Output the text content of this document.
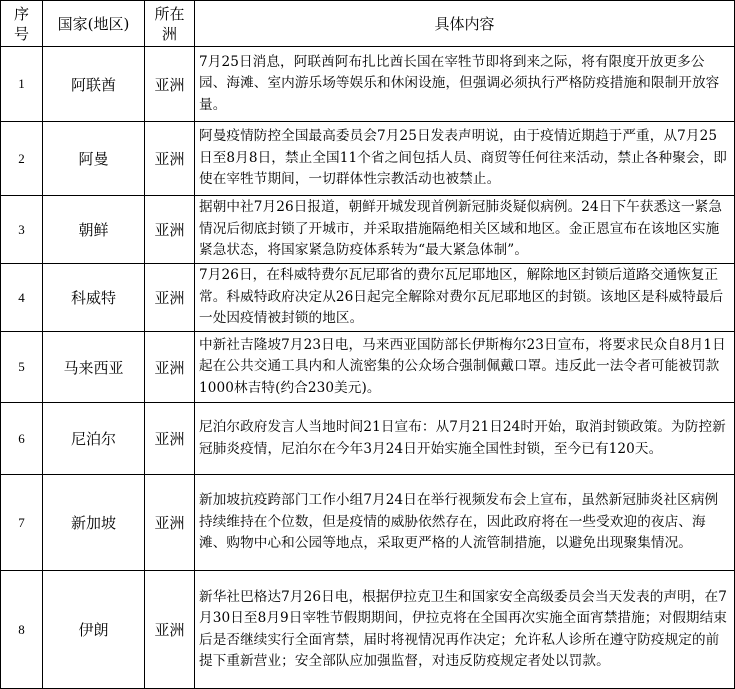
序号	国家(地区)	所在洲	具体内容
1	阿联酋	亚洲	7月25日消息，阿联酋阿布扎比酋长国在宰牲节即将到来之际，将有限度开放更多公园、海滩、室内游乐场等娱乐和休闲设施，但强调必须执行严格防疫措施和限制开放容量。
2	阿曼	亚洲	阿曼疫情防控全国最高委员会7月25日发表声明说，由于疫情近期趋于严重，从7月25日至8月8日，禁止全国11个省之间包括人员、商贸等任何往来活动，禁止各种聚会，即使在宰牲节期间，一切群体性宗教活动也被禁止。
3	朝鲜	亚洲	据朝中社7月26日报道，朝鲜开城发现首例新冠肺炎疑似病例。24日下午获悉这一紧急情况后彻底封锁了开城市，并采取措施隔绝相关区域和地区。金正恩宣布在该地区实施紧急状态，将国家紧急防疫体系转为“最大紧急体制”。
4	科威特	亚洲	7月26日，在科威特费尔瓦尼耶省的费尔瓦尼耶地区，解除地区封锁后道路交通恢复正常。科威特政府决定从26日起完全解除对费尔瓦尼耶地区的封锁。该地区是科威特最后一处因疫情被封锁的地区。
5	马来西亚	亚洲	中新社吉隆坡7月23日电，马来西亚国防部长伊斯梅尔23日宣布，将要求民众自8月1日起在公共交通工具内和人流密集的公众场合强制佩戴口罩。违反此一法令者可能被罚款1000林吉特(约合230美元)。
6	尼泊尔	亚洲	尼泊尔政府发言人当地时间21日宣布：从7月21日24时开始，取消封锁政策。为防控新冠肺炎疫情，尼泊尔在今年3月24日开始实施全国性封锁，至今已有120天。
7	新加坡	亚洲	新加坡抗疫跨部门工作小组7月24日在举行视频发布会上宣布，虽然新冠肺炎社区病例持续维持在个位数，但是疫情的威胁依然存在，因此政府将在一些受欢迎的夜店、海滩、购物中心和公园等地点，采取更严格的人流管制措施，以避免出现聚集情况。
8	伊朗	亚洲	新华社巴格达7月26日电，根据伊拉克卫生和国家安全高级委员会当天发表的声明，在7月30日至8月9日宰牲节假期期间，伊拉克将在全国再次实施全面宵禁措施；对假期结束后是否继续实行全面宵禁，届时将视情况再作决定；允许私人诊所在遵守防疫规定的前提下重新营业；安全部队应加强监督，对违反防疫规定者处以罚款。
